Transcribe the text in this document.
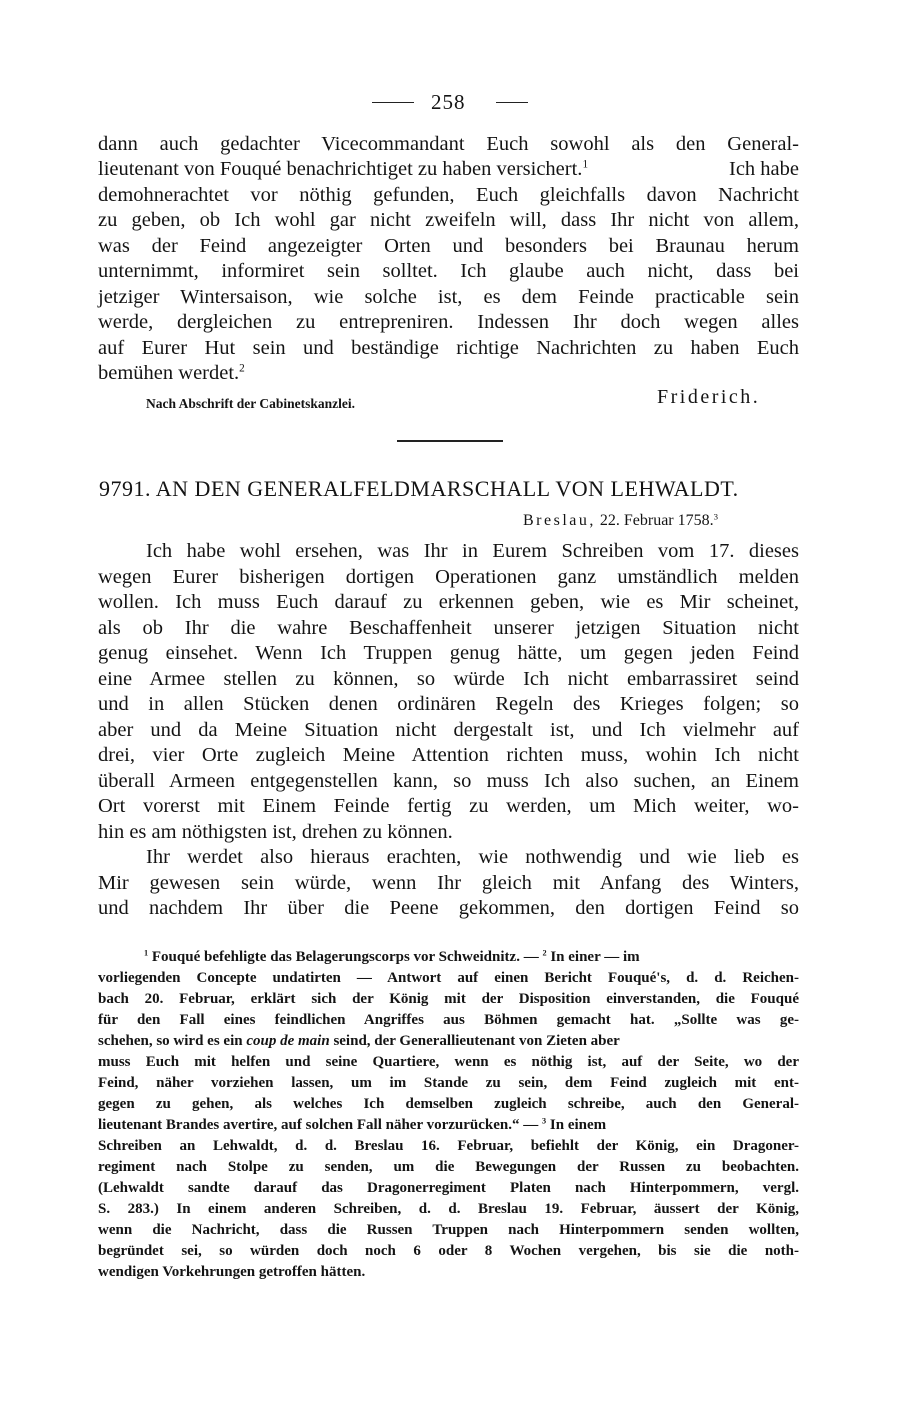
258
dann auch gedachter Vicecommandant Euch sowohl als den General-
lieutenant von Fouqué benachrichtiget zu haben versichert.$^1$	Ich habe
demohnerachtet vor nöthig gefunden, Euch gleichfalls davon Nachricht
zu geben, ob Ich wohl gar nicht zweifeln will, dass Ihr nicht von allem,
was der Feind angezeigter Orten und besonders bei Braunau herum
unternimmt, informiret sein solltet. Ich glaube auch nicht, dass bei
jetziger Wintersaison, wie solche ist, es dem Feinde practicable sein
werde, dergleichen zu entrepreniren. Indessen Ihr doch wegen alles
auf Eurer Hut sein und beständige richtige Nachrichten zu haben Euch
bemühen werdet.$^2$
Nach Abschrift der Cabinetskanzlei.	Friderich.
9791. AN DEN GENERALFELDMARSCHALL VON LEHWALDT.
Breslau, 22. Februar 1758.$^3$
Ich habe wohl ersehen, was Ihr in Eurem Schreiben vom 17. dieses
wegen Eurer bisherigen dortigen Operationen ganz umständlich melden
wollen. Ich muss Euch darauf zu erkennen geben, wie es Mir scheinet,
als ob Ihr die wahre Beschaffenheit unserer jetzigen Situation nicht
genug einsehet. Wenn Ich Truppen genug hätte, um gegen jeden Feind
eine Armee stellen zu können, so würde Ich nicht embarrassiret seind
und in allen Stücken denen ordinären Regeln des Krieges folgen; so
aber und da Meine Situation nicht dergestalt ist, und Ich vielmehr auf
drei, vier Orte zugleich Meine Attention richten muss, wohin Ich nicht
überall Armeen entgegenstellen kann, so muss Ich also suchen, an Einem
Ort vorerst mit Einem Feinde fertig zu werden, um Mich weiter, wo-
hin es am nöthigsten ist, drehen zu können.
Ihr werdet also hieraus erachten, wie nothwendig und wie lieb es
Mir gewesen sein würde, wenn Ihr gleich mit Anfang des Winters,
und nachdem Ihr über die Peene gekommen, den dortigen Feind so
$^1$ Fouqué befehligte das Belagerungscorps vor Schweidnitz. — $^2$ In einer — im
vorliegenden Concepte undatirten — Antwort auf einen Bericht Fouqué's, d. d. Reichen-
bach 20. Februar, erklärt sich der König mit der Disposition einverstanden, die Fouqué
für den Fall eines feindlichen Angriffes aus Böhmen gemacht hat. „Sollte was ge-
schehen, so wird es ein coup de main seind, der Generallieutenant von Zieten aber
muss Euch mit helfen und seine Quartiere, wenn es nöthig ist, auf der Seite, wo der
Feind, näher vorziehen lassen, um im Stande zu sein, dem Feind zugleich mit ent-
gegen zu gehen, als welches Ich demselben zugleich schreibe, auch den General-
lieutenant Brandes avertire, auf solchen Fall näher vorzurücken.“ — $^3$ In einem
Schreiben an Lehwaldt, d. d. Breslau 16. Februar, befiehlt der König, ein Dragoner-
regiment nach Stolpe zu senden, um die Bewegungen der Russen zu beobachten.
(Lehwaldt sandte darauf das Dragonerregiment Platen nach Hinterpommern, vergl.
S. 283.) In einem anderen Schreiben, d. d. Breslau 19. Februar, äussert der König,
wenn die Nachricht, dass die Russen Truppen nach Hinterpommern senden wollten,
begründet sei, so würden doch noch 6 oder 8 Wochen vergehen, bis sie die noth-
wendigen Vorkehrungen getroffen hätten.
